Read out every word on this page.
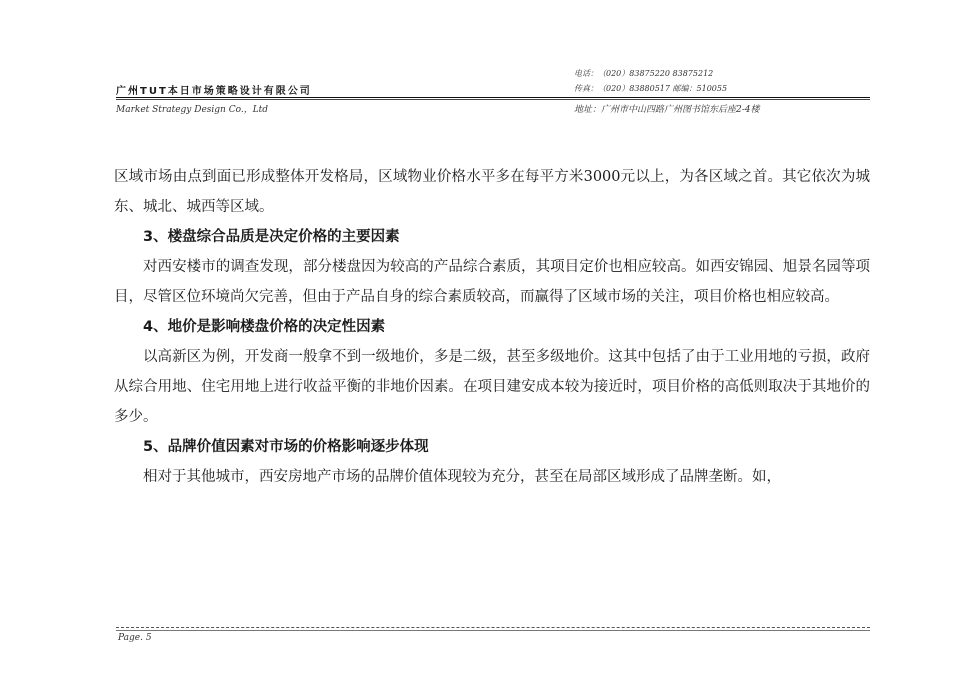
电话：（020）83875220 83875212
传真：（020）83880517 邮编：510055
广州TUT本日市场策略设计有限公司
Market Strategy Design Co.，Ltd	地址：广州市中山四路广州图书馆东后座2-4楼

区域市场由点到面已形成整体开发格局，区域物业价格水平多在每平方米3000元以上，为各区域之首。其它依次为城东、城北、城西等区域。

3、楼盘综合品质是决定价格的主要因素

对西安楼市的调查发现，部分楼盘因为较高的产品综合素质，其项目定价也相应较高。如西安锦园、旭景名园等项目，尽管区位环境尚欠完善，但由于产品自身的综合素质较高，而赢得了区域市场的关注，项目价格也相应较高。

4、地价是影响楼盘价格的决定性因素

以高新区为例，开发商一般拿不到一级地价，多是二级，甚至多级地价。这其中包括了由于工业用地的亏损，政府从综合用地、住宅用地上进行收益平衡的非地价因素。在项目建安成本较为接近时，项目价格的高低则取决于其地价的多少。

5、品牌价值因素对市场的价格影响逐步体现

相对于其他城市，西安房地产市场的品牌价值体现较为充分，甚至在局部区域形成了品牌垄断。如，

Page. 5
